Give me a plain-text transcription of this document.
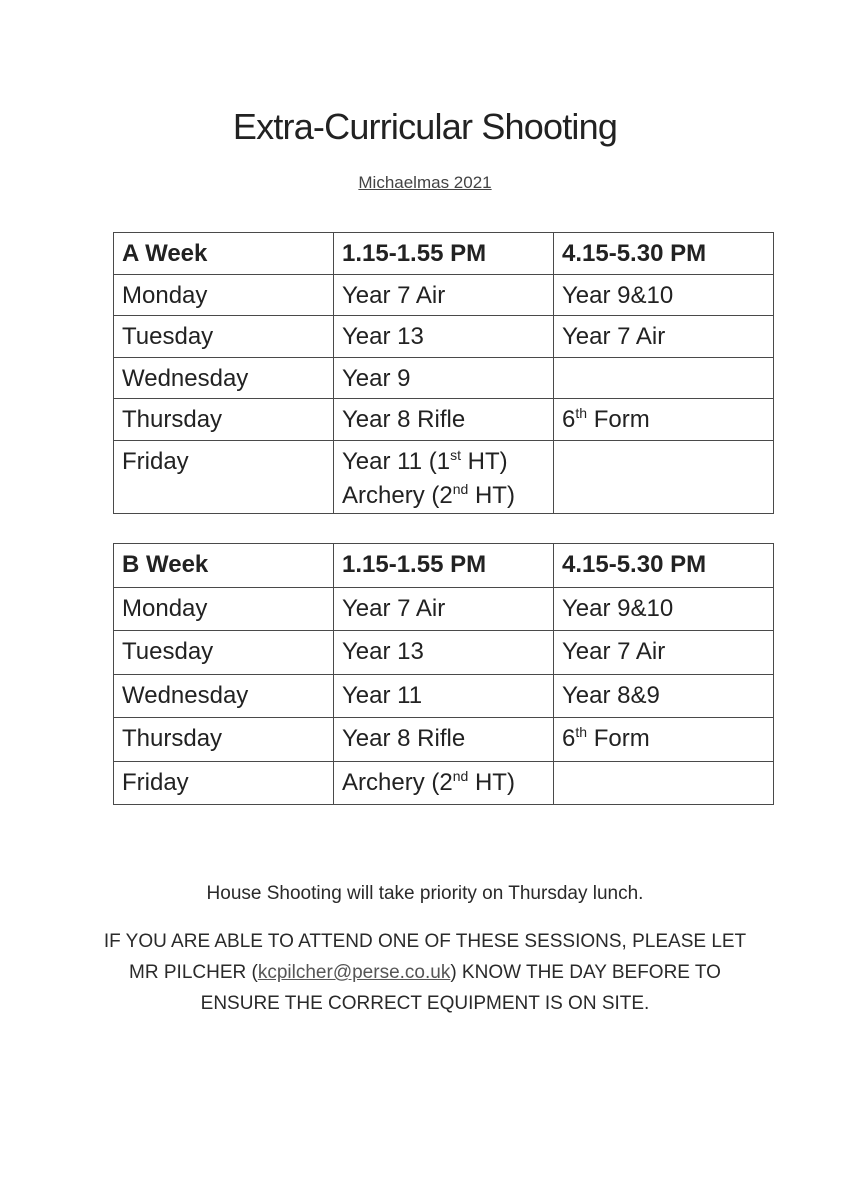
Extra-Curricular Shooting
Michaelmas 2021
A Week	1.15-1.55 PM	4.15-5.30 PM

Monday	Year 7 Air	Year 9&10

Tuesday	Year 13	Year 7 Air

Wednesday	Year 9	

Thursday	Year 8 Rifle	6th Form

Friday	Year 11 (1st HT)
Archery (2nd HT)	

B Week	1.15-1.55 PM	4.15-5.30 PM

Monday	Year 7 Air	Year 9&10

Tuesday	Year 13	Year 7 Air

Wednesday	Year 11	Year 8&9

Thursday	Year 8 Rifle	6th Form

Friday	Archery (2nd HT)	

House Shooting will take priority on Thursday lunch.
IF YOU ARE ABLE TO ATTEND ONE OF THESE SESSIONS, PLEASE LET
MR PILCHER (kcpilcher@perse.co.uk) KNOW THE DAY BEFORE TO
ENSURE THE CORRECT EQUIPMENT IS ON SITE.
